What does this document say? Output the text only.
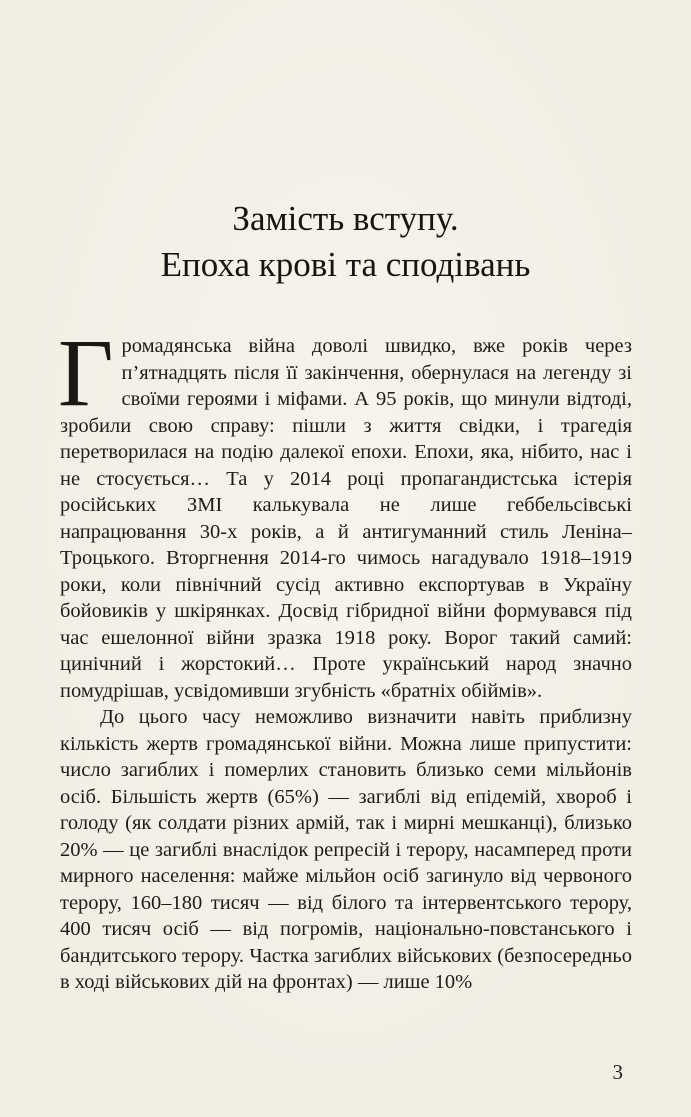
Замість вступу.
Епоха крові та сподівань

Громадянська війна доволі швидко, вже років через п’ятнадцять після її закінчення, обернулася на легенду зі своїми героями і міфами. А 95 років, що минули відтоді, зробили свою справу: пішли з життя свідки, і трагедія перетворилася на подію далекої епохи. Епохи, яка, нібито, нас і не стосується… Та у 2014 році пропагандистська істерія російських ЗМІ калькувала не лише геббельсівські напрацювання 30-х років, а й антигуманний стиль Леніна–Троцького. Вторгнення 2014-го чимось нагадувало 1918–1919 роки, коли північний сусід активно експортував в Україну бойовиків у шкірянках. Досвід гібридної війни формувався під час ешелонної війни зразка 1918 року. Ворог такий самий: цинічний і жорстокий… Проте український народ значно помудрішав, усвідомивши згубність «братніх обіймів».

До цього часу неможливо визначити навіть приблизну кількість жертв громадянської війни. Можна лише припустити: число загиблих і померлих становить близько семи мільйонів осіб. Більшість жертв (65%) — загиблі від епідемій, хвороб і голоду (як солдати різних армій, так і мирні мешканці), близько 20% — це загиблі внаслідок репресій і терору, насамперед проти мирного населення: майже мільйон осіб загинуло від червоного терору, 160–180 тисяч — від білого та інтервентського терору, 400 тисяч осіб — від погромів, національно-повстанського і бандитського терору. Частка загиблих військових (безпосередньо в ході військових дій на фронтах) — лише 10%

3
